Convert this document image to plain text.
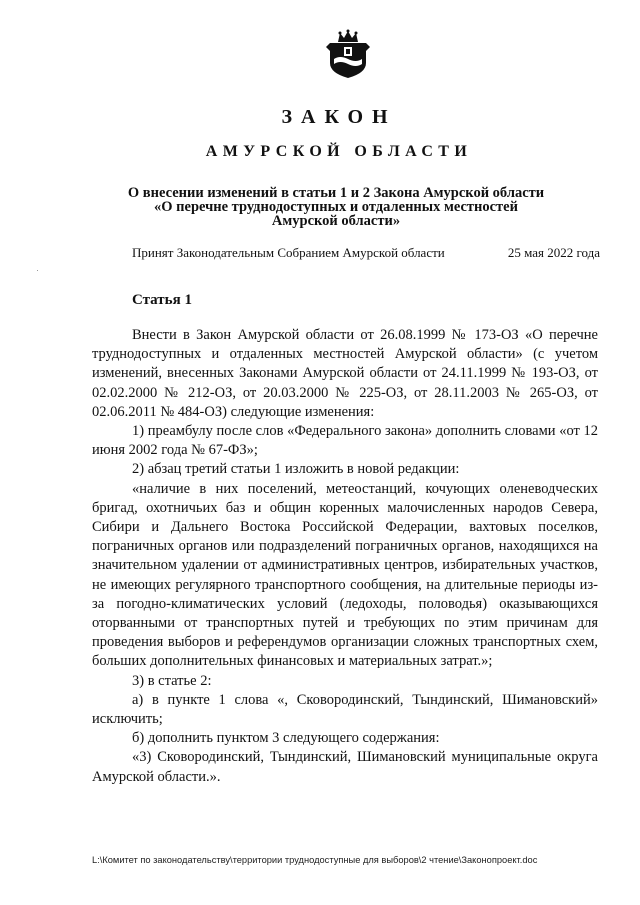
ЗАКОН
АМУРСКОЙ ОБЛАСТИ
О внесении изменений в статьи 1 и 2 Закона Амурской области
«О перечне труднодоступных и отдаленных местностей
Амурской области»
Принят Законодательным Собранием Амурской области	25 мая 2022 года
Статья 1

Внести в Закон Амурской области от 26.08.1999 № 173-ОЗ «О перечне труднодоступных и отдаленных местностей Амурской области» (с учетом изменений, внесенных Законами Амурской области от 24.11.1999 № 193-ОЗ, от 02.02.2000 № 212-ОЗ, от 20.03.2000 № 225-ОЗ, от 28.11.2003 № 265-ОЗ, от 02.06.2011 № 484-ОЗ) следующие изменения:

1) преамбулу после слов «Федерального закона» дополнить словами «от 12 июня 2002 года № 67-ФЗ»;

2) абзац третий статьи 1 изложить в новой редакции:

«наличие в них поселений, метеостанций, кочующих оленеводческих бригад, охотничьих баз и общин коренных малочисленных народов Севера, Сибири и Дальнего Востока Российской Федерации, вахтовых поселков, пограничных органов или подразделений пограничных органов, находящихся на значительном удалении от административных центров, избирательных участков, не имеющих регулярного транспортного сообщения, на длительные периоды из-за погодно-климатических условий (ледоходы, половодья) оказывающихся оторванными от транспортных путей и требующих по этим причинам для проведения выборов и референдумов организации сложных транспортных схем, больших дополнительных финансовых и материальных затрат.»;

3) в статье 2:

а) в пункте 1 слова «, Сковородинский, Тындинский, Шимановский» исключить;

б) дополнить пунктом 3 следующего содержания:

«3) Сковородинский, Тындинский, Шимановский муниципальные округа Амурской области.».

L:\Комитет по законодательству\территории труднодоступные для выборов\2 чтение\Законопроект.doc
